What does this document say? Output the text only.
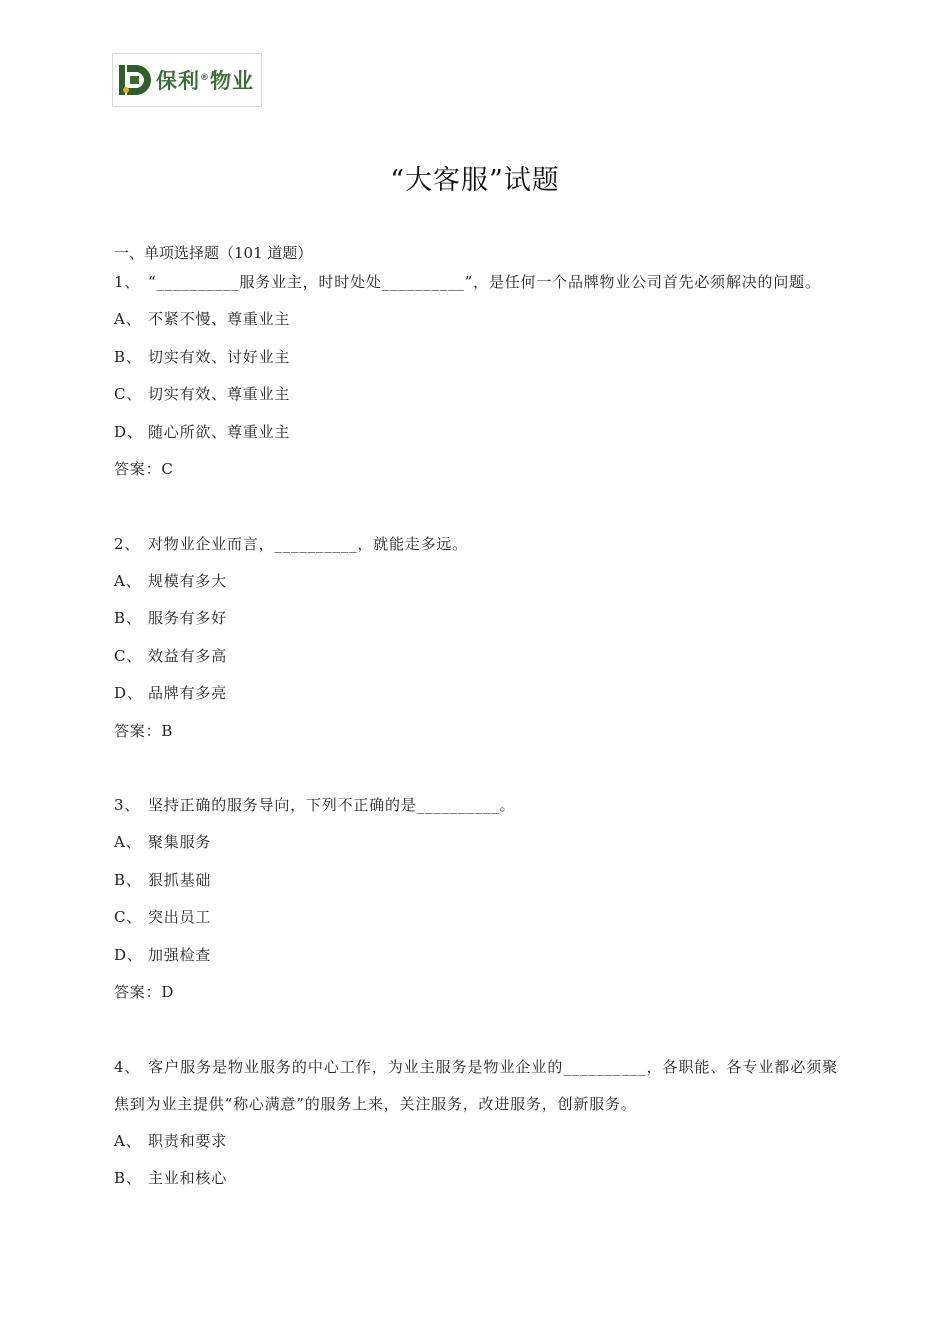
保利®物业
“大客服”试题
一、单项选择题（101 道题）
1、 “__________服务业主，时时处处__________”，是任何一个品牌物业公司首先必须解决的问题。
A、 不紧不慢、尊重业主
B、 切实有效、讨好业主
C、 切实有效、尊重业主
D、 随心所欲、尊重业主
答案：C
2、 对物业企业而言，__________，就能走多远。
A、 规模有多大
B、 服务有多好
C、 效益有多高
D、 品牌有多亮
答案：B
3、 坚持正确的服务导向，下列不正确的是__________。
A、 聚集服务
B、 狠抓基础
C、 突出员工
D、 加强检查
答案：D
4、 客户服务是物业服务的中心工作，为业主服务是物业企业的__________，各职能、各专业都必须聚焦到为业主提供“称心满意”的服务上来，关注服务，改进服务，创新服务。
A、 职责和要求
B、 主业和核心
